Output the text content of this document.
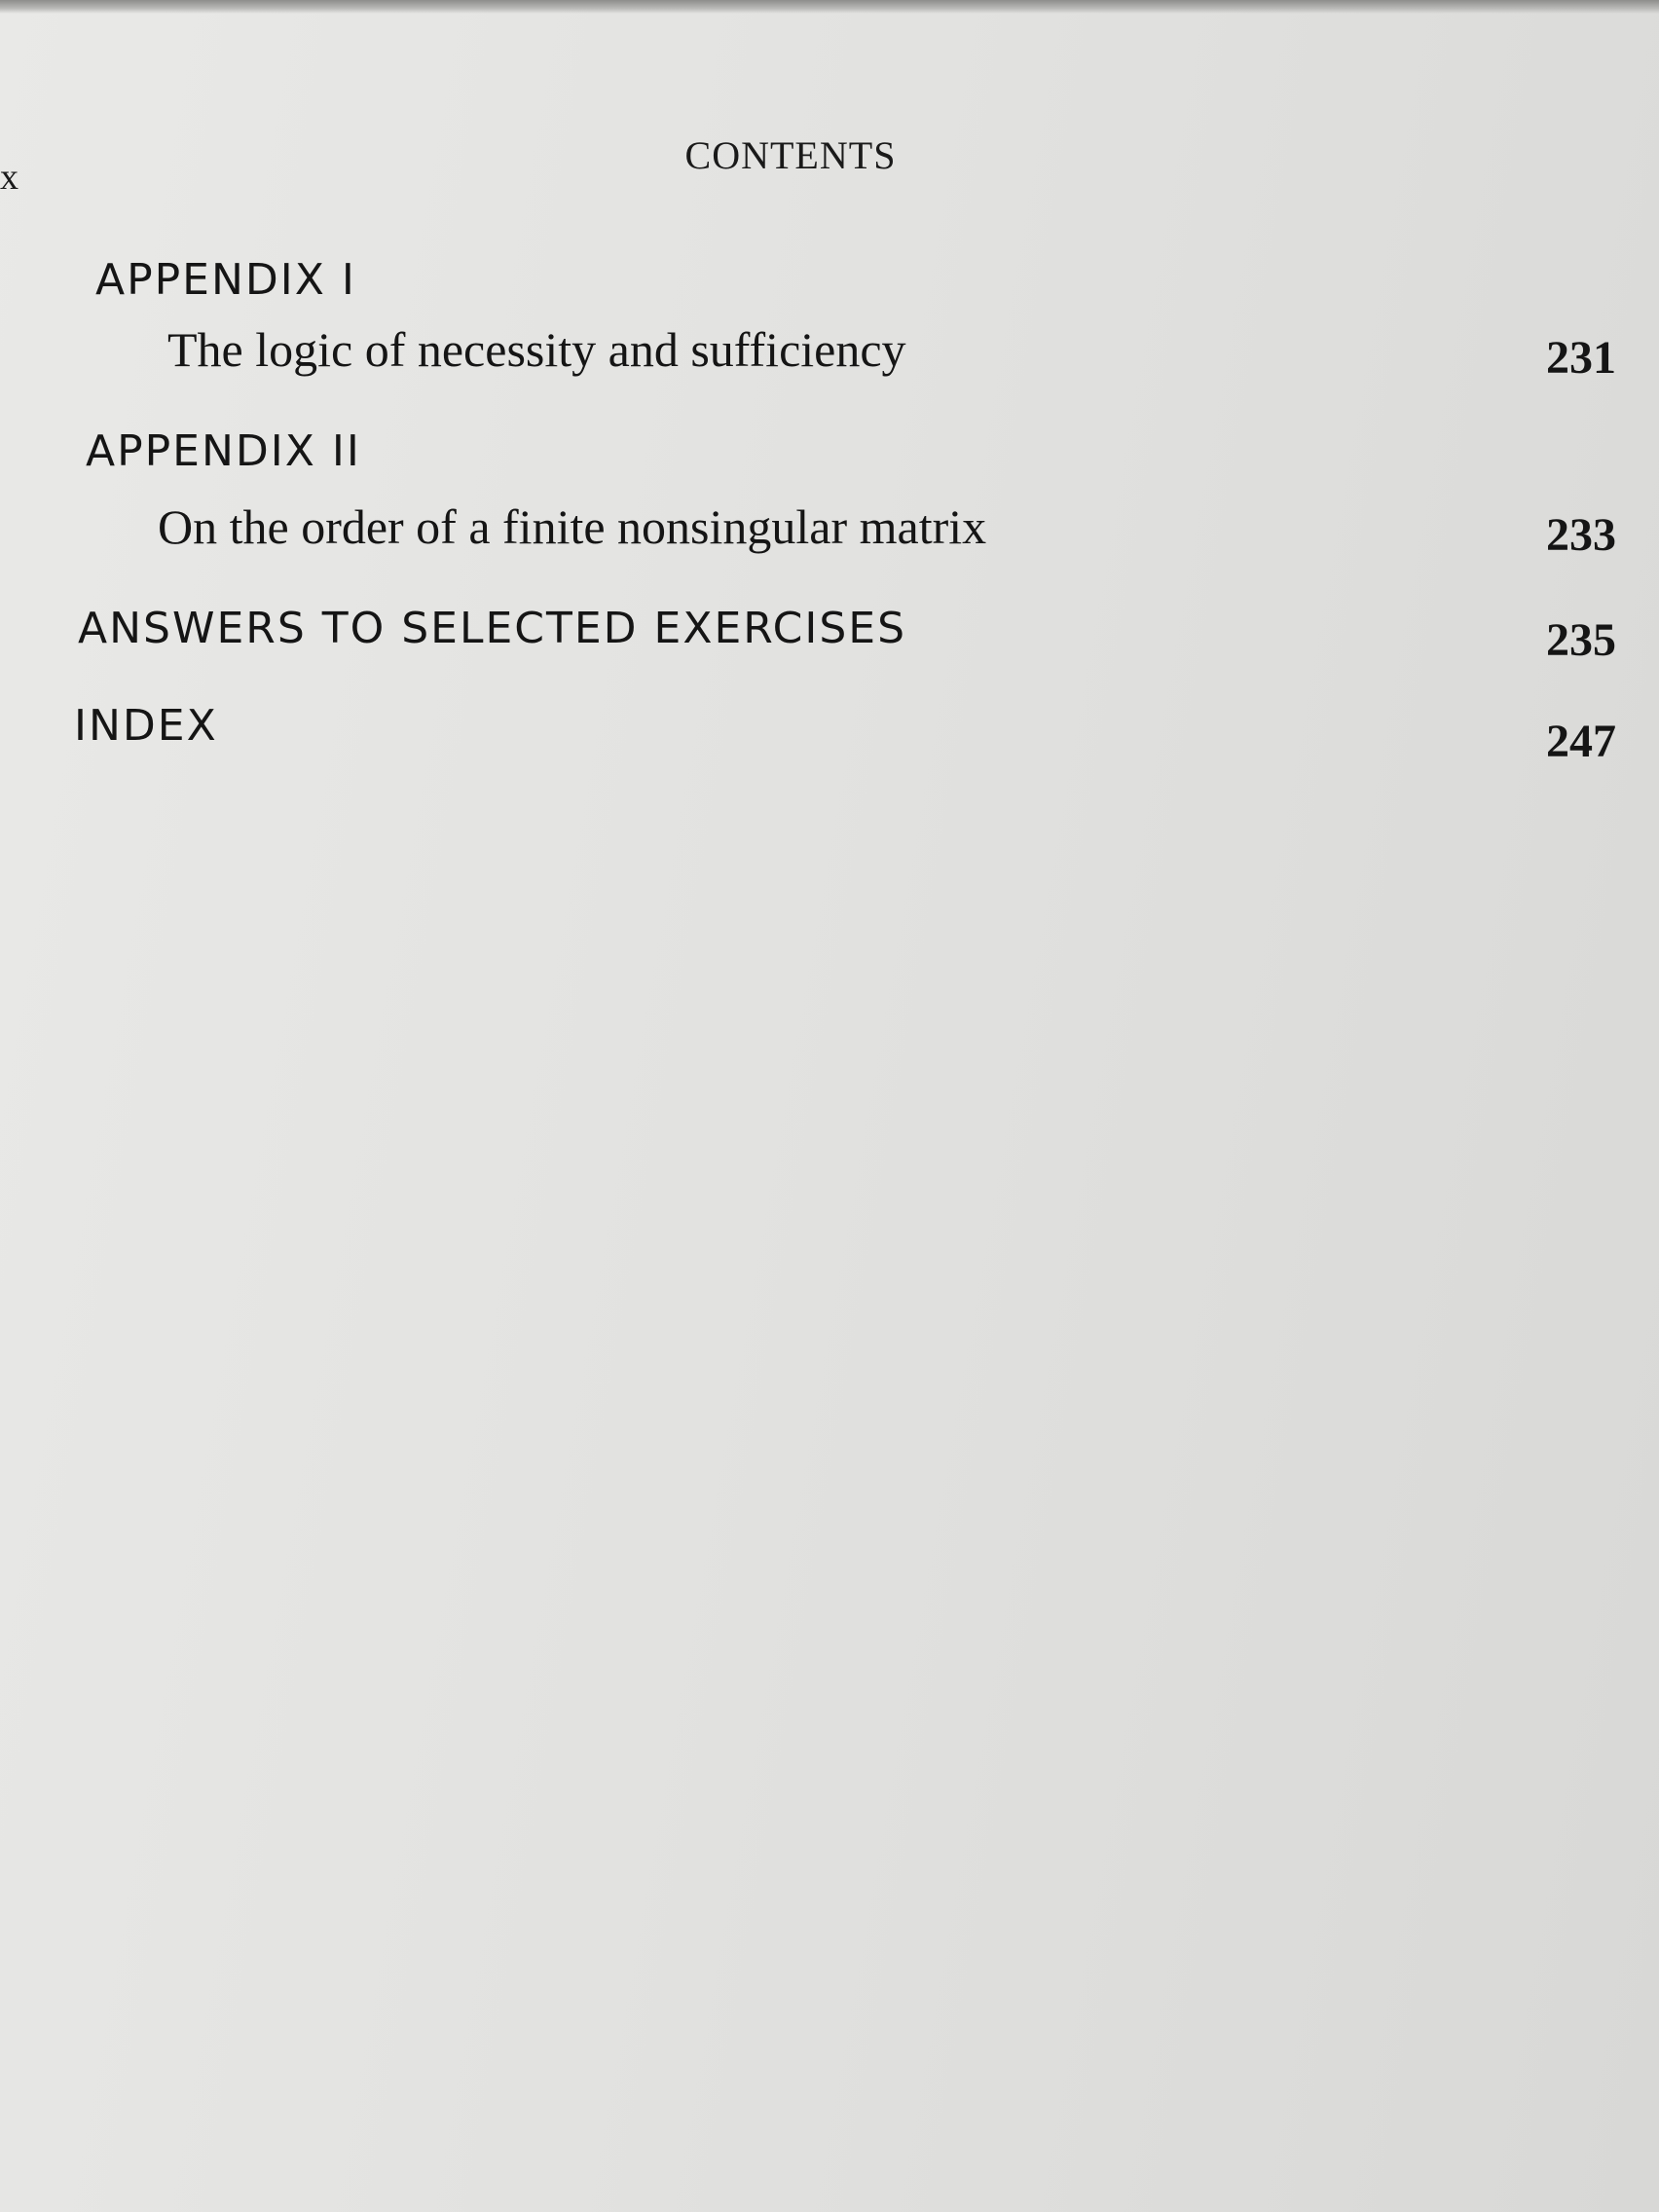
x	CONTENTS
APPENDIX I
The logic of necessity and sufficiency	231
APPENDIX II
On the order of a finite nonsingular matrix	233
ANSWERS TO SELECTED EXERCISES	235
INDEX	247
